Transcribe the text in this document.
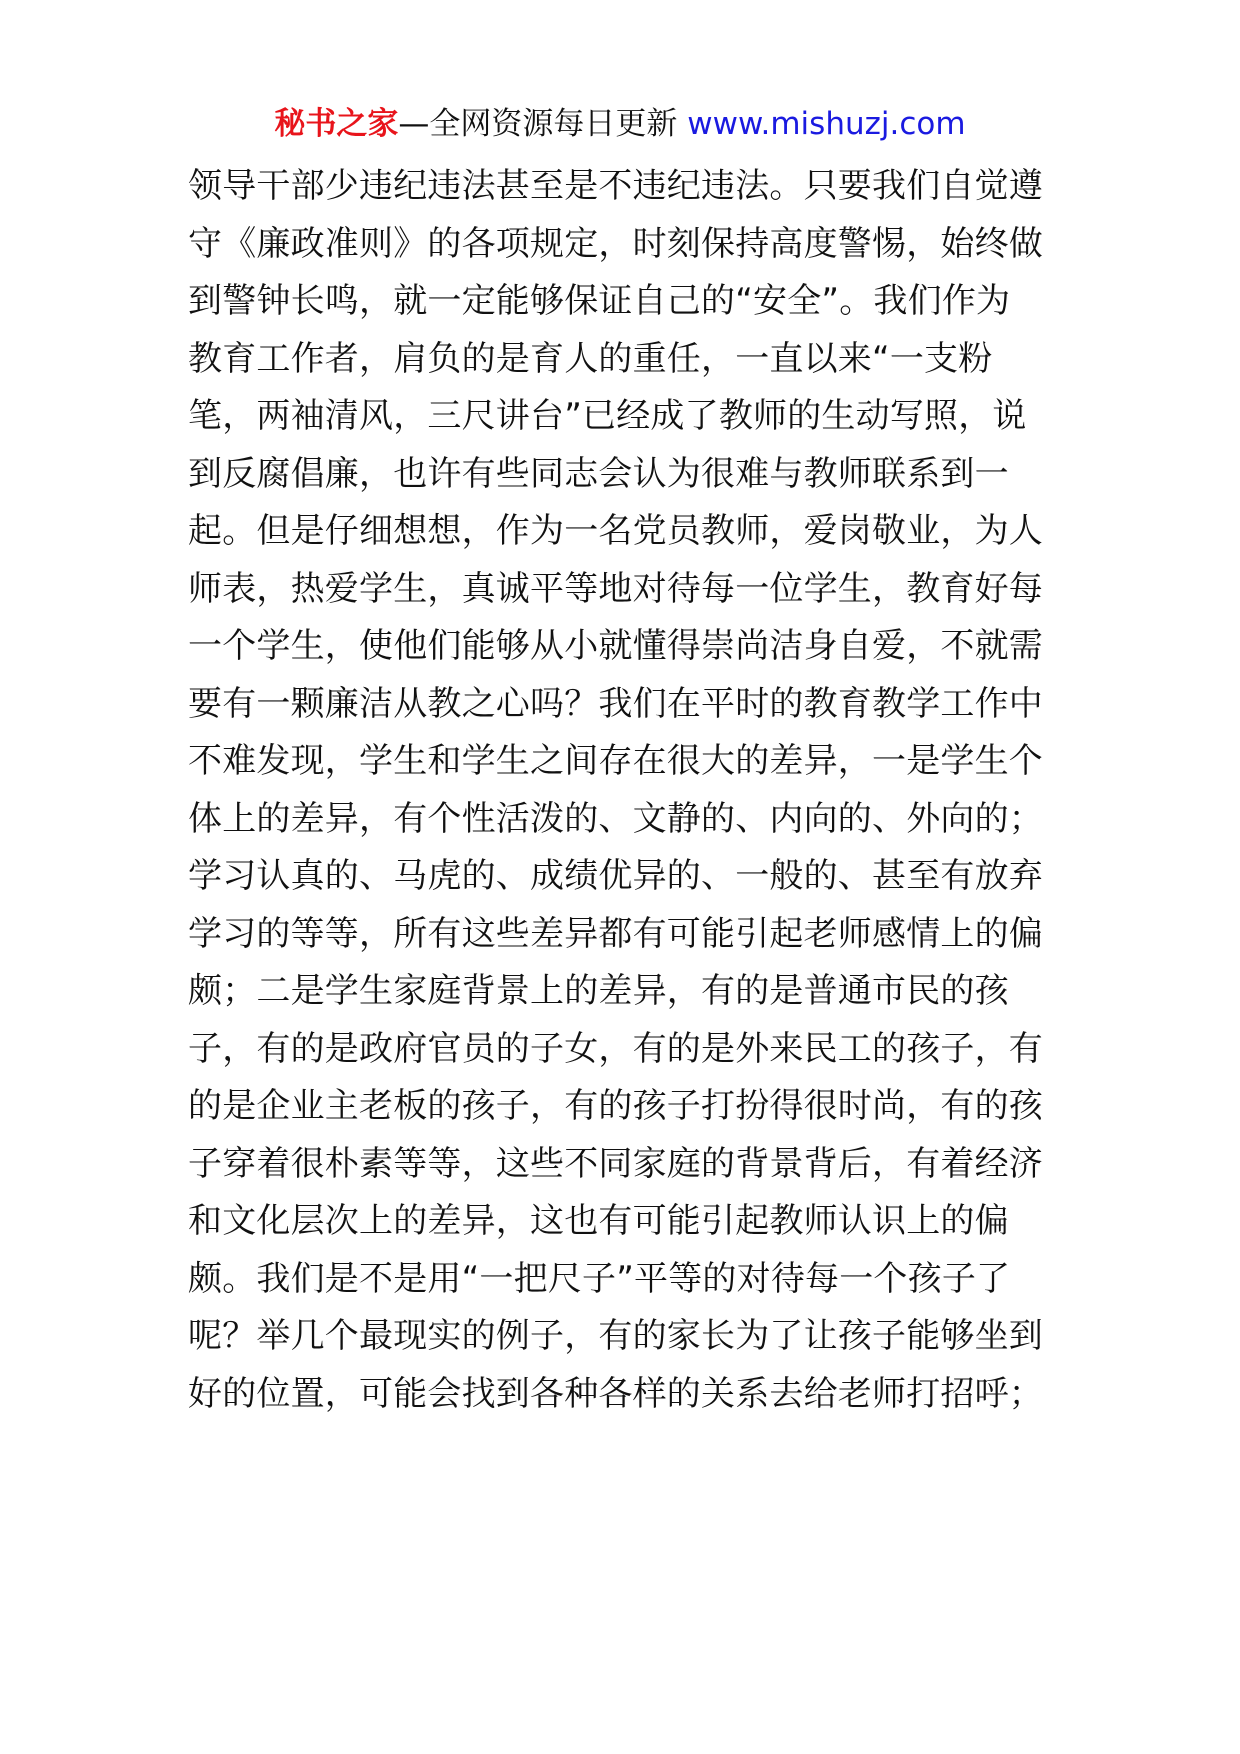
秘书之家—全网资源每日更新 www.mishuzj.com
领导干部少违纪违法甚至是不违纪违法。只要我们自觉遵
守《廉政准则》的各项规定，时刻保持高度警惕，始终做
到警钟长鸣，就一定能够保证自己的“安全”。我们作为
教育工作者，肩负的是育人的重任，一直以来“一支粉
笔，两袖清风，三尺讲台”已经成了教师的生动写照，说
到反腐倡廉，也许有些同志会认为很难与教师联系到一
起。但是仔细想想，作为一名党员教师，爱岗敬业，为人
师表，热爱学生，真诚平等地对待每一位学生，教育好每
一个学生，使他们能够从小就懂得崇尚洁身自爱，不就需
要有一颗廉洁从教之心吗？我们在平时的教育教学工作中
不难发现，学生和学生之间存在很大的差异，一是学生个
体上的差异，有个性活泼的、文静的、内向的、外向的；
学习认真的、马虎的、成绩优异的、一般的、甚至有放弃
学习的等等，所有这些差异都有可能引起老师感情上的偏
颇；二是学生家庭背景上的差异，有的是普通市民的孩
子，有的是政府官员的子女，有的是外来民工的孩子，有
的是企业主老板的孩子，有的孩子打扮得很时尚，有的孩
子穿着很朴素等等，这些不同家庭的背景背后，有着经济
和文化层次上的差异，这也有可能引起教师认识上的偏
颇。我们是不是用“一把尺子”平等的对待每一个孩子了
呢？举几个最现实的例子，有的家长为了让孩子能够坐到
好的位置，可能会找到各种各样的关系去给老师打招呼；
